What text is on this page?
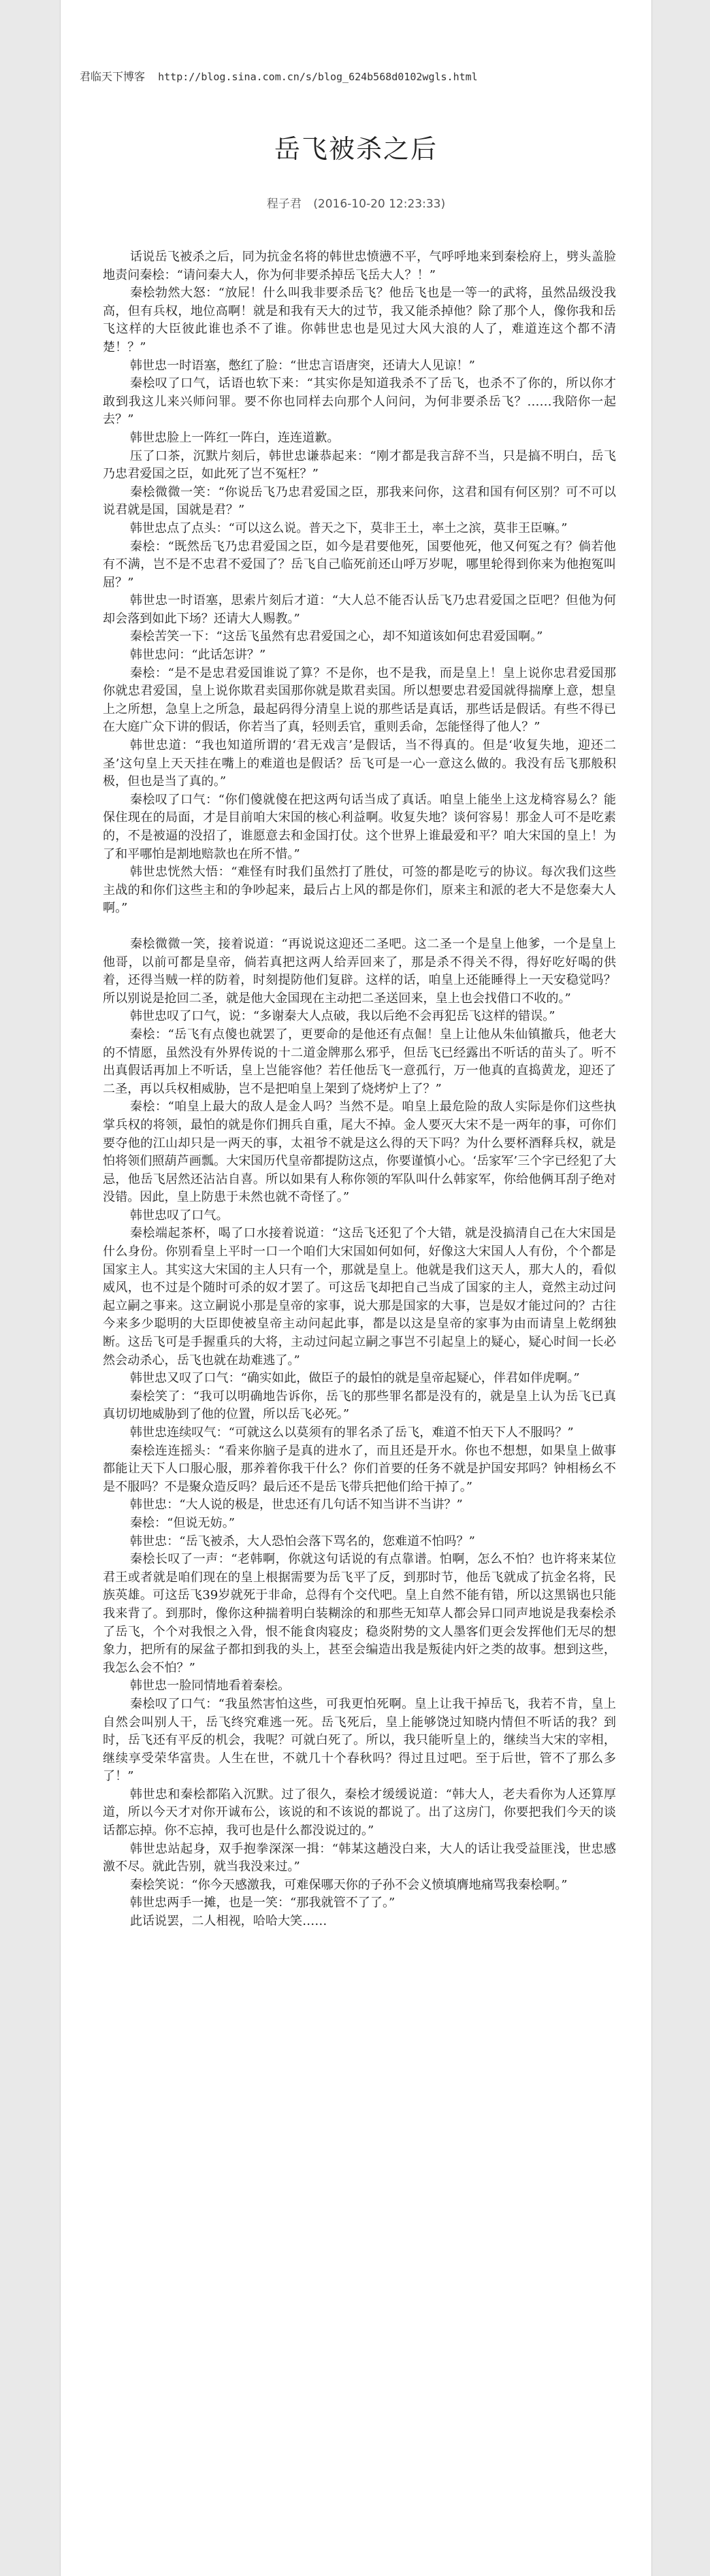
君临天下博客 http://blog.sina.com.cn/s/blog_624b568d0102wgls.html
岳飞被杀之后
程子君 (2016-10-20 12:23:33)

话说岳飞被杀之后，同为抗金名将的韩世忠愤懑不平，气呼呼地来到秦桧府上，劈头盖脸地责问秦桧：“请问秦大人，你为何非要杀掉岳飞岳大人？！”

秦桧勃然大怒：“放屁！什么叫我非要杀岳飞？他岳飞也是一等一的武将，虽然品级没我高，但有兵权，地位高啊！就是和我有天大的过节，我又能杀掉他？除了那个人，像你我和岳飞这样的大臣彼此谁也杀不了谁。你韩世忠也是见过大风大浪的人了，难道连这个都不清楚！？”

韩世忠一时语塞，憋红了脸：“世忠言语唐突，还请大人见谅！”

秦桧叹了口气，话语也软下来：“其实你是知道我杀不了岳飞，也杀不了你的，所以你才敢到我这儿来兴师问罪。要不你也同样去向那个人问问，为何非要杀岳飞？……我陪你一起去？”

韩世忠脸上一阵红一阵白，连连道歉。

压了口茶，沉默片刻后，韩世忠谦恭起来：“刚才都是我言辞不当，只是搞不明白，岳飞乃忠君爱国之臣，如此死了岂不冤枉？”

秦桧微微一笑：“你说岳飞乃忠君爱国之臣，那我来问你，这君和国有何区别？可不可以说君就是国，国就是君？”

韩世忠点了点头：“可以这么说。普天之下，莫非王土，率土之滨，莫非王臣嘛。”

秦桧：“既然岳飞乃忠君爱国之臣，如今是君要他死，国要他死，他又何冤之有？倘若他有不满，岂不是不忠君不爱国了？岳飞自己临死前还山呼万岁呢，哪里轮得到你来为他抱冤叫屈？”

韩世忠一时语塞，思索片刻后才道：“大人总不能否认岳飞乃忠君爱国之臣吧？但他为何却会落到如此下场？还请大人赐教。”

秦桧苦笑一下：“这岳飞虽然有忠君爱国之心，却不知道该如何忠君爱国啊。”

韩世忠问：“此话怎讲？”

秦桧：“是不是忠君爱国谁说了算？不是你，也不是我，而是皇上！皇上说你忠君爱国那你就忠君爱国，皇上说你欺君卖国那你就是欺君卖国。所以想要忠君爱国就得揣摩上意，想皇上之所想，急皇上之所急，最起码得分清皇上说的那些话是真话，那些话是假话。有些不得已在大庭广众下讲的假话，你若当了真，轻则丢官，重则丢命，怎能怪得了他人？”

韩世忠道：“我也知道所谓的‘君无戏言’是假话，当不得真的。但是‘收复失地，迎还二圣’这句皇上天天挂在嘴上的难道也是假话？岳飞可是一心一意这么做的。我没有岳飞那般积极，但也是当了真的。”

秦桧叹了口气：“你们傻就傻在把这两句话当成了真话。咱皇上能坐上这龙椅容易么？能保住现在的局面，才是目前咱大宋国的核心利益啊。收复失地？谈何容易！那金人可不是吃素的，不是被逼的没招了，谁愿意去和金国打仗。这个世界上谁最爱和平？咱大宋国的皇上！为了和平哪怕是割地赔款也在所不惜。”

韩世忠恍然大悟：“难怪有时我们虽然打了胜仗，可签的都是吃亏的协议。每次我们这些主战的和你们这些主和的争吵起来，最后占上风的都是你们，原来主和派的老大不是您秦大人啊。”

秦桧微微一笑，接着说道：“再说说这迎还二圣吧。这二圣一个是皇上他爹，一个是皇上他哥，以前可都是皇帝，倘若真把这两人给弄回来了，那是杀不得关不得，得好吃好喝的供着，还得当贼一样的防着，时刻提防他们复辟。这样的话，咱皇上还能睡得上一天安稳觉吗？所以别说是抢回二圣，就是他大金国现在主动把二圣送回来，皇上也会找借口不收的。”

韩世忠叹了口气，说：“多谢秦大人点破，我以后绝不会再犯岳飞这样的错误。”

秦桧：“岳飞有点傻也就罢了，更要命的是他还有点倔！皇上让他从朱仙镇撤兵，他老大的不情愿，虽然没有外界传说的十二道金牌那么邪乎，但岳飞已经露出不听话的苗头了。听不出真假话再加上不听话，皇上岂能容他？若任他岳飞一意孤行，万一他真的直捣黄龙，迎还了二圣，再以兵权相威胁，岂不是把咱皇上架到了烧烤炉上了？”

秦桧：“咱皇上最大的敌人是金人吗？当然不是。咱皇上最危险的敌人实际是你们这些执掌兵权的将领，最怕的就是你们拥兵自重，尾大不掉。金人要灭大宋不是一两年的事，可你们要夺他的江山却只是一两天的事，太祖爷不就是这么得的天下吗？为什么要杯酒释兵权，就是怕将领们照葫芦画瓢。大宋国历代皇帝都提防这点，你要谨慎小心。‘岳家军’三个字已经犯了大忌，他岳飞居然还沾沾自喜。所以如果有人称你领的军队叫什么韩家军，你给他俩耳刮子绝对没错。因此，皇上防患于未然也就不奇怪了。”

韩世忠叹了口气。

秦桧端起茶杯，喝了口水接着说道：“这岳飞还犯了个大错，就是没搞清自己在大宋国是什么身份。你别看皇上平时一口一个咱们大宋国如何如何，好像这大宋国人人有份，个个都是国家主人。其实这大宋国的主人只有一个，那就是皇上。他就是我们这天人，那大人的，看似威风，也不过是个随时可杀的奴才罢了。可这岳飞却把自己当成了国家的主人，竟然主动过问起立嗣之事来。这立嗣说小那是皇帝的家事，说大那是国家的大事，岂是奴才能过问的？古往今来多少聪明的大臣即使被皇帝主动问起此事，都是以这是皇帝的家事为由而请皇上乾纲独断。这岳飞可是手握重兵的大将，主动过问起立嗣之事岂不引起皇上的疑心，疑心时间一长必然会动杀心，岳飞也就在劫难逃了。”

韩世忠又叹了口气：“确实如此，做臣子的最怕的就是皇帝起疑心，伴君如伴虎啊。”

秦桧笑了：“我可以明确地告诉你，岳飞的那些罪名都是没有的，就是皇上认为岳飞已真真切切地威胁到了他的位置，所以岳飞必死。”

韩世忠连续叹气：“可就这么以莫须有的罪名杀了岳飞，难道不怕天下人不服吗？”

秦桧连连摇头：“看来你脑子是真的进水了，而且还是开水。你也不想想，如果皇上做事都能让天下人口服心服，那养着你我干什么？你们首要的任务不就是护国安邦吗？钟相杨幺不是不服吗？不是聚众造反吗？最后还不是岳飞带兵把他们给干掉了。”

韩世忠：“大人说的极是，世忠还有几句话不知当讲不当讲？”

秦桧：“但说无妨。”

韩世忠：“岳飞被杀，大人恐怕会落下骂名的，您难道不怕吗？”

秦桧长叹了一声：“老韩啊，你就这句话说的有点靠谱。怕啊，怎么不怕？也许将来某位君王或者就是咱们现在的皇上根据需要为岳飞平了反，到那时节，他岳飞就成了抗金名将，民族英雄。可这岳飞39岁就死于非命，总得有个交代吧。皇上自然不能有错，所以这黑锅也只能我来背了。到那时，像你这种揣着明白装糊涂的和那些无知草人都会异口同声地说是我秦桧杀了岳飞，个个对我恨之入骨，恨不能食肉寝皮；稳炎附势的文人墨客们更会发挥他们无尽的想象力，把所有的屎盆子都扣到我的头上，甚至会编造出我是叛徒内奸之类的故事。想到这些，我怎么会不怕？”

韩世忠一脸同情地看着秦桧。

秦桧叹了口气：“我虽然害怕这些，可我更怕死啊。皇上让我干掉岳飞，我若不肯，皇上自然会叫别人干，岳飞终究难逃一死。岳飞死后，皇上能够饶过知晓内情但不听话的我？到时，岳飞还有平反的机会，我呢？可就白死了。所以，我只能听皇上的，继续当大宋的宰相，继续享受荣华富贵。人生在世，不就几十个春秋吗？得过且过吧。至于后世，管不了那么多了！”

韩世忠和秦桧都陷入沉默。过了很久，秦桧才缓缓说道：“韩大人，老夫看你为人还算厚道，所以今天才对你开诚布公，该说的和不该说的都说了。出了这房门，你要把我们今天的谈话都忘掉。你不忘掉，我可也是什么都没说过的。”

韩世忠站起身，双手抱拳深深一揖：“韩某这趟没白来，大人的话让我受益匪浅，世忠感激不尽。就此告别，就当我没来过。”

秦桧笑说：“你今天感激我，可难保哪天你的子孙不会义愤填膺地痛骂我秦桧啊。”

韩世忠两手一摊，也是一笑：“那我就管不了了。”

此话说罢，二人相视，哈哈大笑……
